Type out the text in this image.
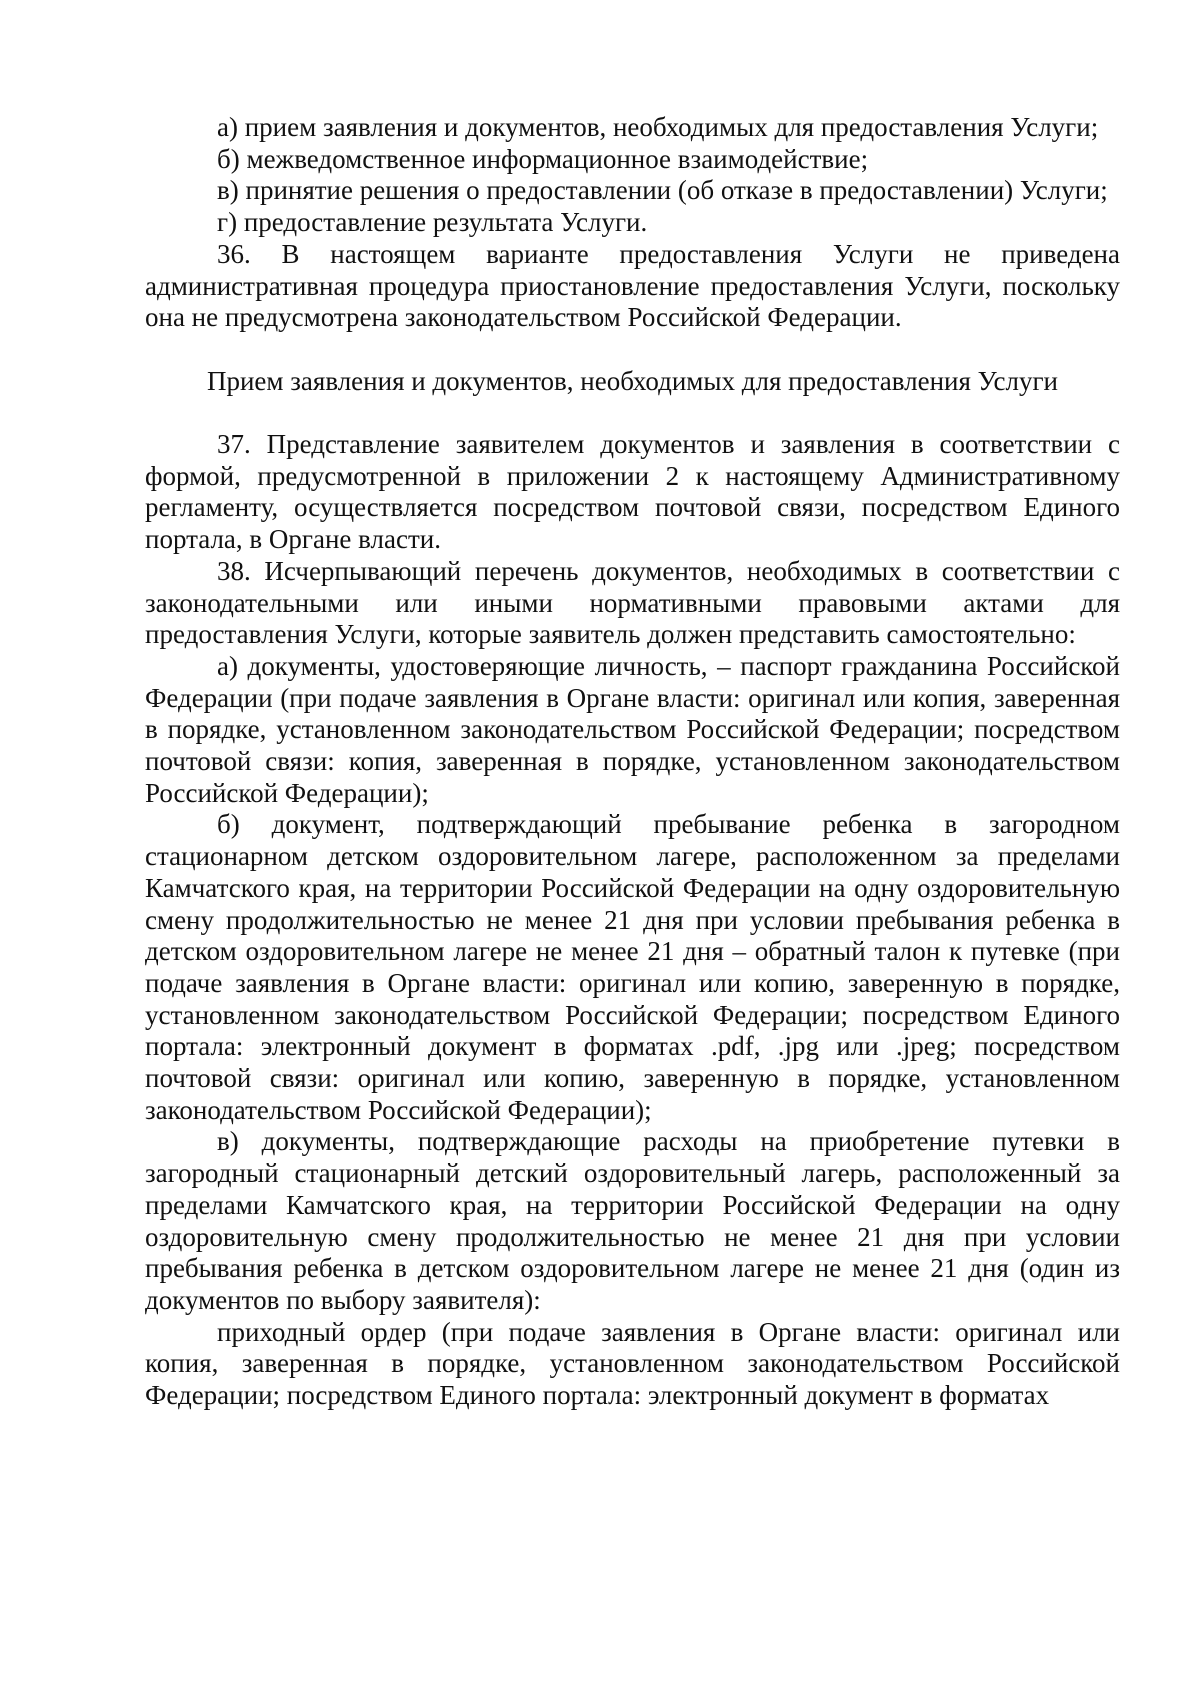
а) прием заявления и документов, необходимых для предоставления Услуги;

б) межведомственное информационное взаимодействие;

в) принятие решения о предоставлении (об отказе в предоставлении) Услуги;

г) предоставление результата Услуги.

36. В настоящем варианте предоставления Услуги не приведена административная процедура приостановление предоставления Услуги, поскольку она не предусмотрена законодательством Российской Федерации.

Прием заявления и документов, необходимых для предоставления Услуги

37. Представление заявителем документов и заявления в соответствии с формой, предусмотренной в приложении 2 к настоящему Административному регламенту, осуществляется посредством почтовой связи, посредством Единого портала, в Органе власти.

38. Исчерпывающий перечень документов, необходимых в соответствии с законодательными или иными нормативными правовыми актами для предоставления Услуги, которые заявитель должен представить самостоятельно:

а) документы, удостоверяющие личность, – паспорт гражданина Российской Федерации (при подаче заявления в Органе власти: оригинал или копия, заверенная в порядке, установленном законодательством Российской Федерации; посредством почтовой связи: копия, заверенная в порядке, установленном законодательством Российской Федерации);

б) документ, подтверждающий пребывание ребенка в загородном стационарном детском оздоровительном лагере, расположенном за пределами Камчатского края, на территории Российской Федерации на одну оздоровительную смену продолжительностью не менее 21 дня при условии пребывания ребенка в детском оздоровительном лагере не менее 21 дня – обратный талон к путевке (при подаче заявления в Органе власти: оригинал или копию, заверенную в порядке, установленном законодательством Российской Федерации; посредством Единого портала: электронный документ в форматах .pdf, .jpg или .jpeg; посредством почтовой связи: оригинал или копию, заверенную в порядке, установленном законодательством Российской Федерации);

в) документы, подтверждающие расходы на приобретение путевки в загородный стационарный детский оздоровительный лагерь, расположенный за пределами Камчатского края, на территории Российской Федерации на одну оздоровительную смену продолжительностью не менее 21 дня при условии пребывания ребенка в детском оздоровительном лагере не менее 21 дня (один из документов по выбору заявителя):

приходный ордер (при подаче заявления в Органе власти: оригинал или копия, заверенная в порядке, установленном законодательством Российской Федерации; посредством Единого портала: электронный документ в форматах
